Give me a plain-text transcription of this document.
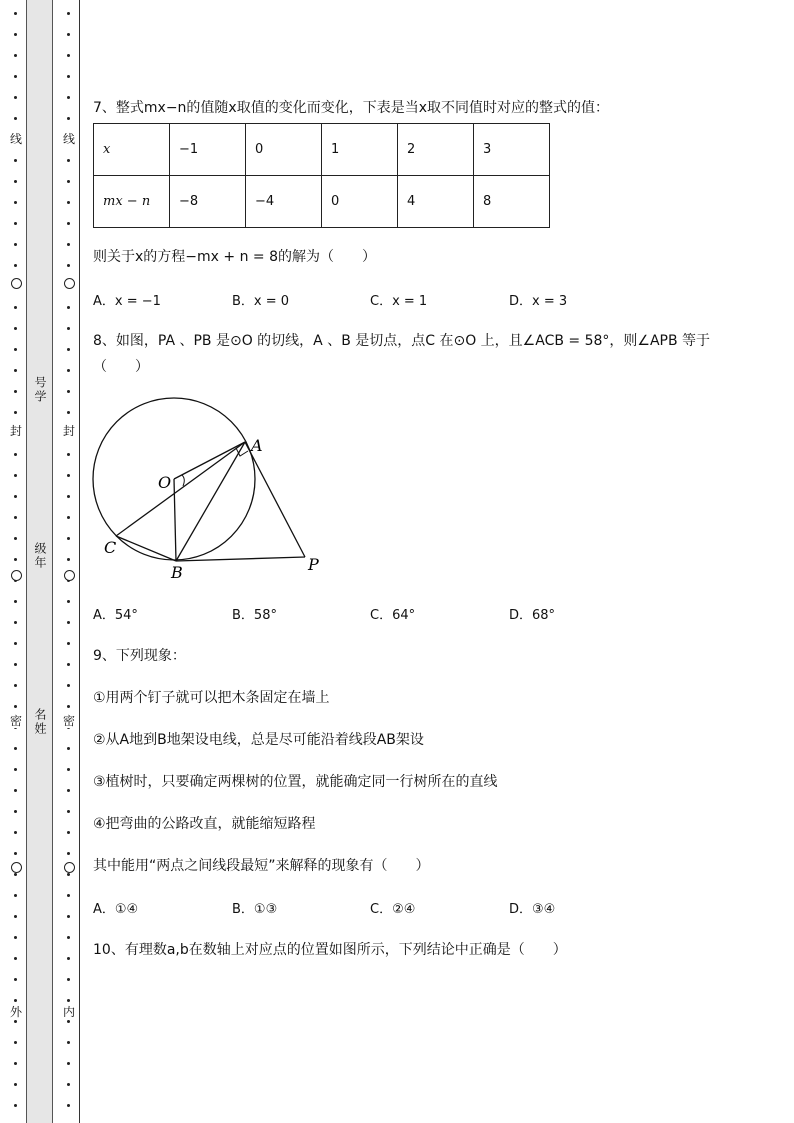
线
封
密
外
线
封
密
内
号学
级年
名姓
7、整式mx−n的值随x取值的变化而变化，下表是当x取不同值时对应的整式的值：
x	−1	0	1	2	3
mx − n	−8	−4	0	4	8
则关于x的方程−mx + n = 8的解为（　　）
A．x = −1	B．x = 0	C．x = 1	D．x = 3
8、如图，PA 、PB 是⊙O 的切线，A 、B 是切点，点C 在⊙O 上，且∠ACB = 58°，则∠APB 等于
（　　）
A
O
C
B	P
A．54°	B．58°	C．64°	D．68°
9、下列现象：
①用两个钉子就可以把木条固定在墙上
②从A地到B地架设电线，总是尽可能沿着线段AB架设
③植树时，只要确定两棵树的位置，就能确定同一行树所在的直线
④把弯曲的公路改直，就能缩短路程
其中能用“两点之间线段最短”来解释的现象有（　　）
A．①④	B．①③	C．②④	D．③④
10、有理数a,b在数轴上对应点的位置如图所示，下列结论中正确是（　　）
